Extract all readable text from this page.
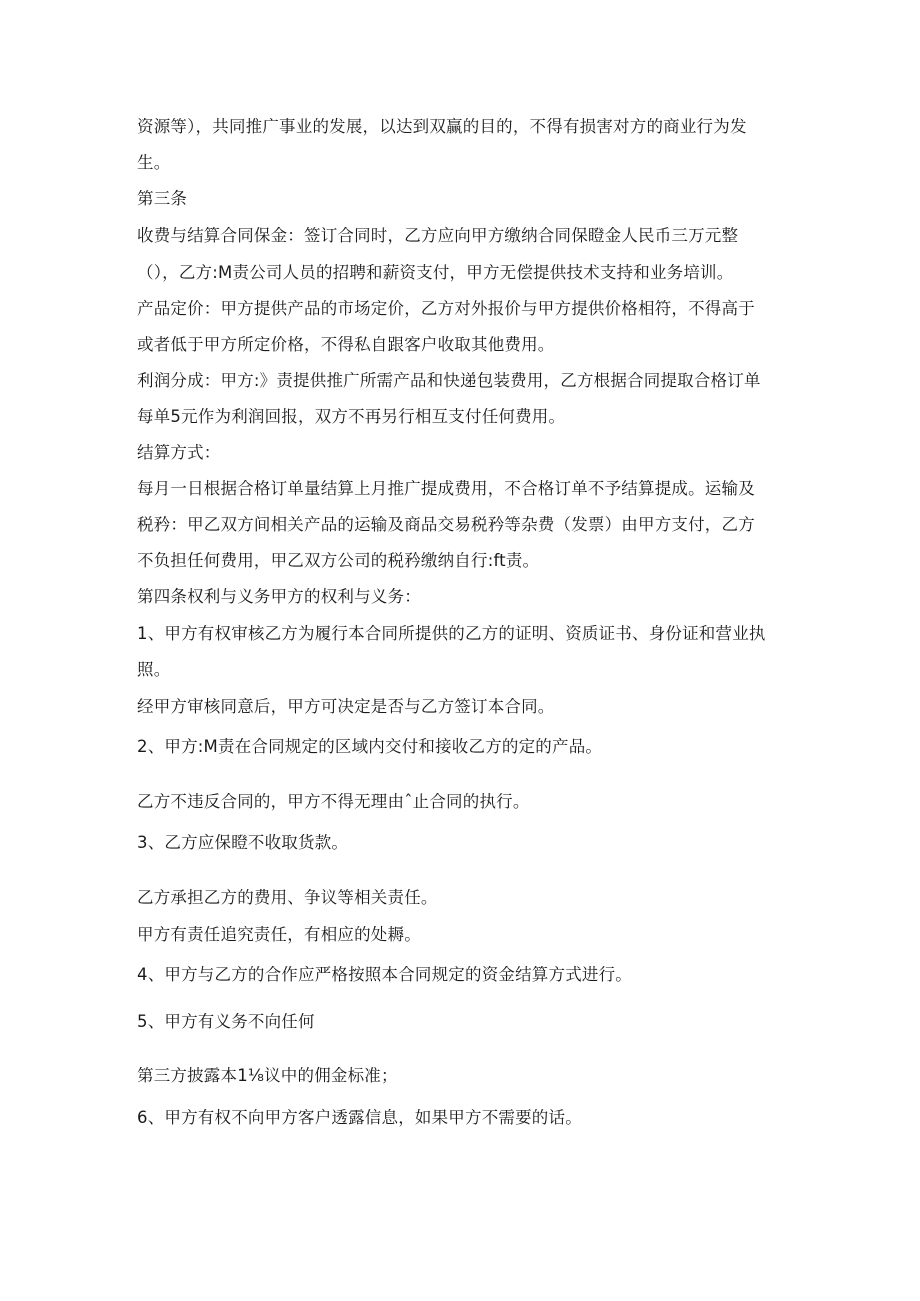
资源等），共同推广事业的发展，以达到双赢的目的，不得有损害对方的商业行为发
生。
第三条
收费与结算合同保金：签订合同时，乙方应向甲方缴纳合同保瞪金人民币三万元整
（），乙方:M责公司人员的招聘和薪资支付，甲方无偿提供技术支持和业务培训。
产品定价：甲方提供产品的市场定价，乙方对外报价与甲方提供价格相符，不得高于
或者低于甲方所定价格，不得私自跟客户收取其他费用。
利润分成：甲方:》责提供推广所需产品和快递包装费用，乙方根据合同提取合格订单
每单5元作为利润回报，双方不再另行相互支付任何费用。
结算方式：
每月一日根据合格订单量结算上月推广提成费用，不合格订单不予结算提成。运输及
税矜：甲乙双方间相关产品的运输及商品交易税矜等杂费（发票）由甲方支付，乙方
不负担任何费用，甲乙双方公司的税矜缴纳自行:ft责。
第四条权利与义务甲方的权利与义务：
1、甲方有权审核乙方为履行本合同所提供的乙方的证明、资质证书、身份证和营业执
照。
经甲方审核同意后，甲方可决定是否与乙方签订本合同。
2、甲方:M责在合同规定的区域内交付和接收乙方的定的产品。
乙方不违反合同的，甲方不得无理由ˆ止合同的执行。
3、乙方应保瞪不收取货款。
乙方承担乙方的费用、争议等相关责任。
甲方有责任追究责任，有相应的处耨。
4、甲方与乙方的合作应严格按照本合同规定的资金结算方式进行。
5、甲方有义务不向任何
第三方披露本1⅛议中的佣金标准；
6、甲方有权不向甲方客户透露信息，如果甲方不需要的话。
